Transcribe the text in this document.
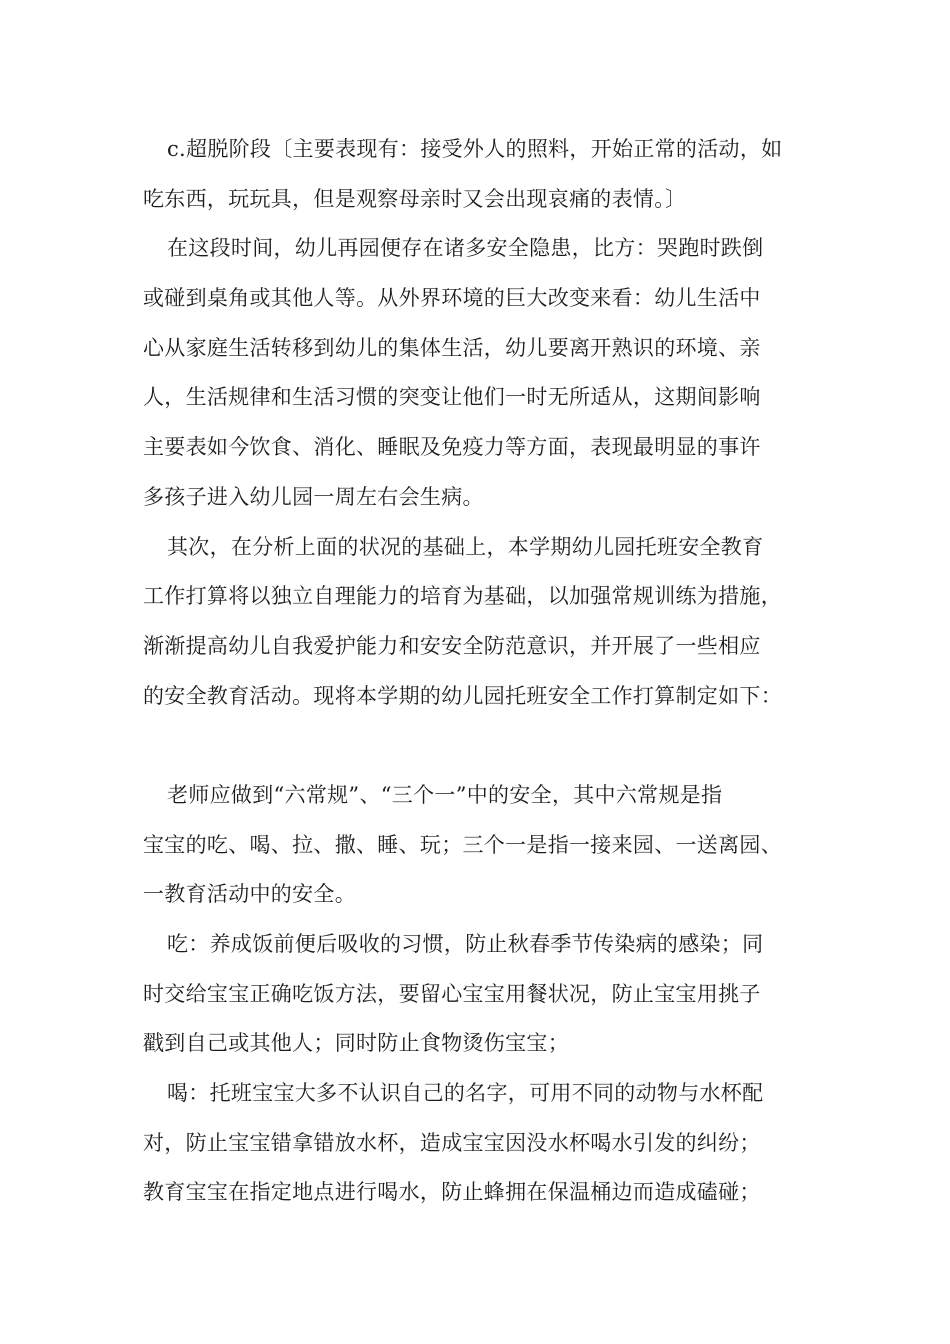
c.超脱阶段〔主要表现有：接受外人的照料，开始正常的活动，如
吃东西，玩玩具，但是观察母亲时又会出现哀痛的表情。〕
在这段时间，幼儿再园便存在诸多安全隐患，比方：哭跑时跌倒
或碰到桌角或其他人等。从外界环境的巨大改变来看：幼儿生活中
心从家庭生活转移到幼儿的集体生活，幼儿要离开熟识的环境、亲
人，生活规律和生活习惯的突变让他们一时无所适从，这期间影响
主要表如今饮食、消化、睡眠及免疫力等方面，表现最明显的事许
多孩子进入幼儿园一周左右会生病。
其次，在分析上面的状况的基础上，本学期幼儿园托班安全教育
工作打算将以独立自理能力的培育为基础，以加强常规训练为措施，
渐渐提高幼儿自我爱护能力和安安全防范意识，并开展了一些相应
的安全教育活动。现将本学期的幼儿园托班安全工作打算制定如下：
老师应做到“六常规”、“三个一”中的安全，其中六常规是指
宝宝的吃、喝、拉、撒、睡、玩；三个一是指一接来园、一送离园、
一教育活动中的安全。
吃：养成饭前便后吸收的习惯，防止秋春季节传染病的感染；同
时交给宝宝正确吃饭方法，要留心宝宝用餐状况，防止宝宝用挑子
戳到自己或其他人；同时防止食物烫伤宝宝；
喝：托班宝宝大多不认识自己的名字，可用不同的动物与水杯配
对，防止宝宝错拿错放水杯，造成宝宝因没水杯喝水引发的纠纷；
教育宝宝在指定地点进行喝水，防止蜂拥在保温桶边而造成磕碰；
